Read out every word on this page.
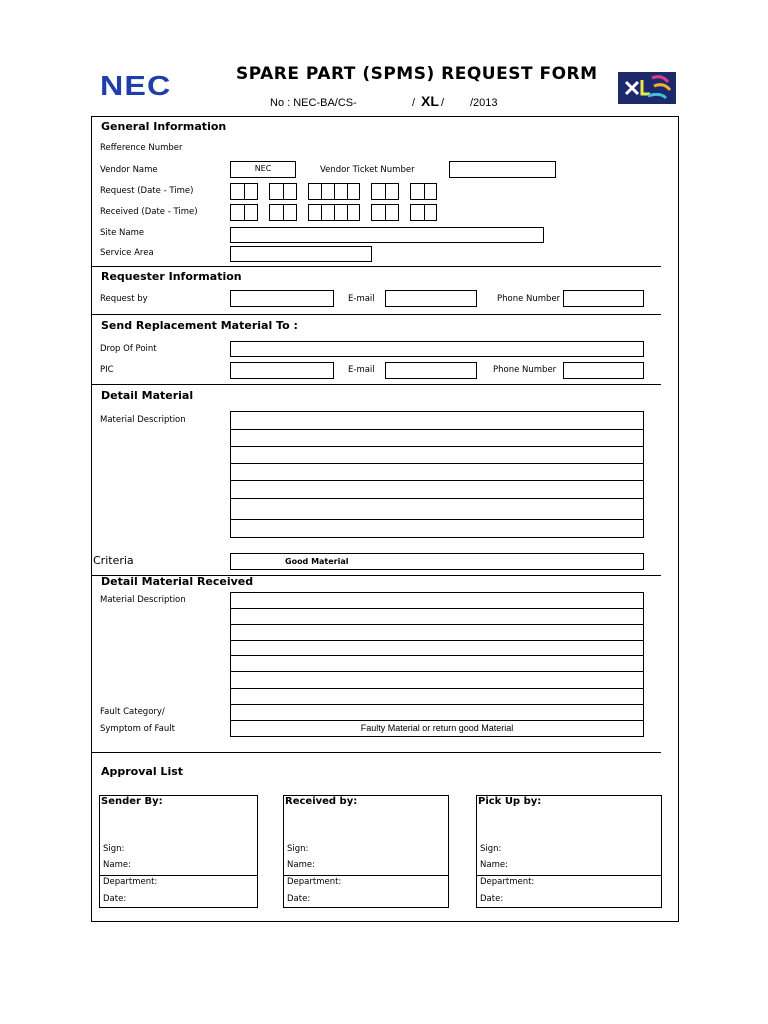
NEC	SPARE PART (SPMS) REQUEST FORM
No : NEC-BA/CS-	/ XL / /2013
General Information
Refference Number
Vendor Name	NEC	Vendor Ticket Number
Request (Date - Time)
Received (Date - Time)
Site Name
Service Area
Requester Information
Request by	E-mail	Phone Number
Send Replacement Material To :
Drop Of Point
PIC	E-mail	Phone Number
Detail Material
Material Description
Criteria	Good Material
Detail Material Received
Material Description
Faulty Material or return good Material
Fault Category/
Symptom of Fault
Approval List
Sender By:
Sign:
Name:
Department:
Date:
Received by:
Sign:
Name:
Department:
Date:
Pick Up by:
Sign:
Name:
Department:
Date:
